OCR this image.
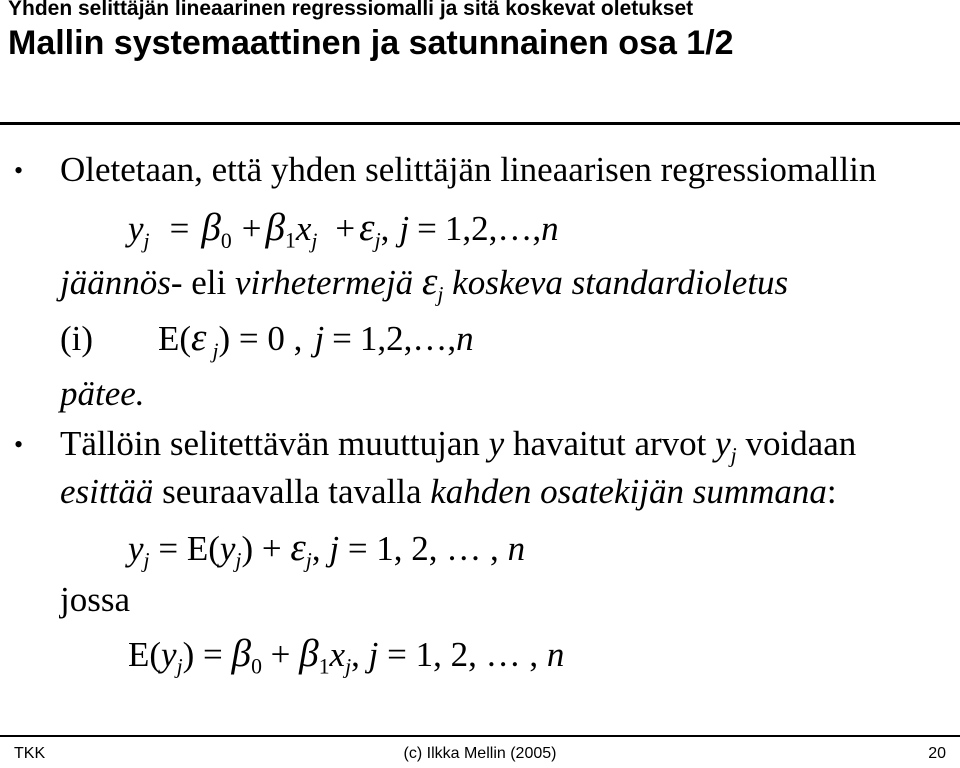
Yhden selittäjän lineaarinen regressiomalli ja sitä koskevat oletukset
Mallin systemaattinen ja satunnainen osa 1/2
• Oletetaan, että yhden selittäjän lineaarisen regressiomallin
$y_j = \beta_0 + \beta_1x_j + \varepsilon_j$, j = 1,2,…,n
jäännös- eli virhetermejä $\varepsilon_j$ koskeva standardioletus
(i) E(ε $_j$) = 0 , j = 1,2,…,n
pätee.
• Tällöin selitettävän muuttujan y havaitut arvot $y_j$ voidaan
esittää seuraavalla tavalla kahden osatekijän summana:
$y_j = E(y_j) + \varepsilon_j$, j = 1, 2, … , n
jossa
$E(y_j) = \beta_0 + \beta_1x_j$, j = 1, 2, … , n
TKK	(c) Ilkka Mellin (2005)	20
